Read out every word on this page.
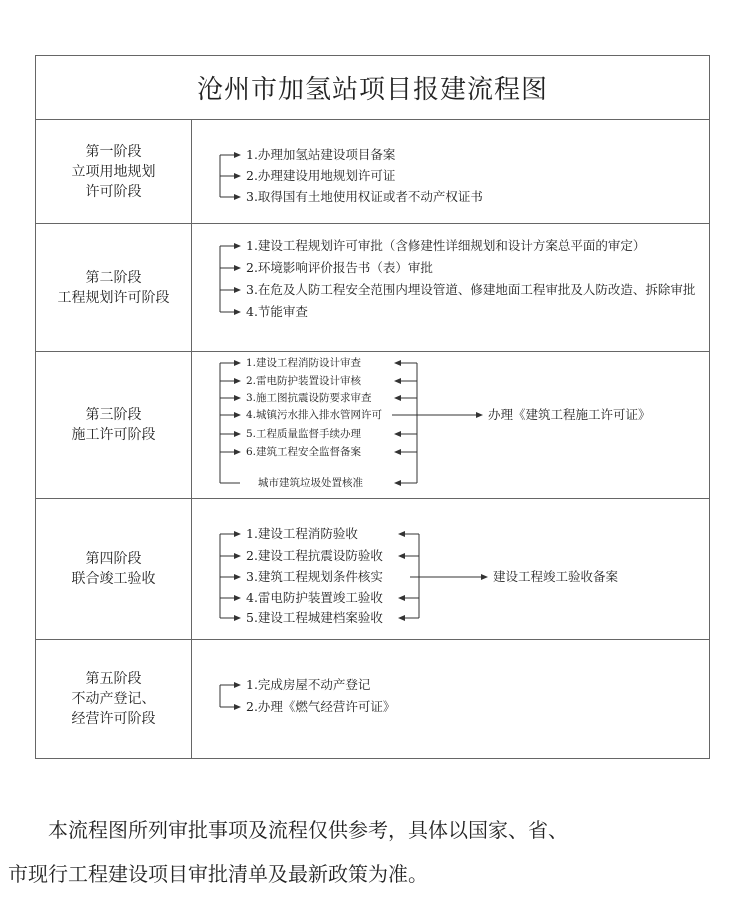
沧州市加氢站项目报建流程图
第一阶段
立项用地规划
许可阶段
第二阶段
工程规划许可阶段
第三阶段
施工许可阶段
第四阶段
联合竣工验收
第五阶段
不动产登记、
经营许可阶段
1.办理加氢站建设项目备案
2.办理建设用地规划许可证
3.取得国有土地使用权证或者不动产权证书
1.建设工程规划许可审批（含修建性详细规划和设计方案总平面的审定）
2.环境影响评价报告书（表）审批
3.在危及人防工程安全范围内埋设管道、修建地面工程审批及人防改造、拆除审批
4.节能审查
1.建设工程消防设计审查
2.雷电防护装置设计审核
3.施工图抗震设防要求审查
4.城镇污水排入排水管网许可
5.工程质量监督手续办理
6.建筑工程安全监督备案
城市建筑垃圾处置核准
办理《建筑工程施工许可证》
1.建设工程消防验收
2.建设工程抗震设防验收
3.建筑工程规划条件核实
4.雷电防护装置竣工验收
5.建设工程城建档案验收
建设工程竣工验收备案
1.完成房屋不动产登记
2.办理《燃气经营许可证》
本流程图所列审批事项及流程仅供参考，具体以国家、省、
市现行工程建设项目审批清单及最新政策为准。
